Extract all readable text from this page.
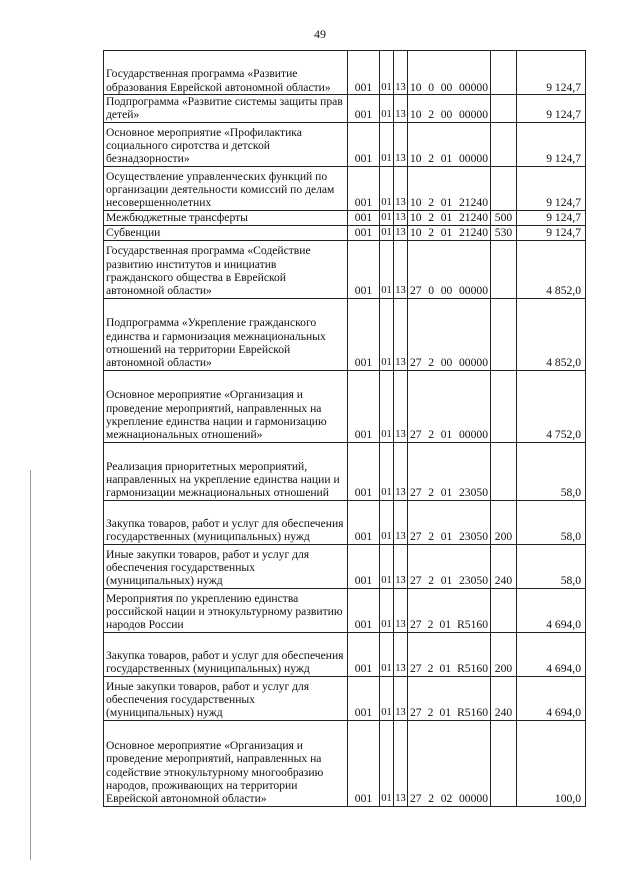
49
Государственная программа «Развитие образования Еврейской автономной области»	001	01	13	10 0 00 00000		9 124,7
Подпрограмма «Развитие системы защиты прав детей»	001	01	13	10 2 00 00000		9 124,7
Основное мероприятие «Профилактика социального сиротства и детской безнадзорности»	001	01	13	10 2 01 00000		9 124,7
Осуществление управленческих функций по организации деятельности комиссий по делам несовершеннолетних	001	01	13	10 2 01 21240		9 124,7
Межбюджетные трансферты	001	01	13	10 2 01 21240	500	9 124,7
Субвенции	001	01	13	10 2 01 21240	530	9 124,7
Государственная программа «Содействие развитию институтов и инициатив гражданского общества в Еврейской автономной области»	001	01	13	27 0 00 00000		4 852,0
Подпрограмма «Укрепление гражданского единства и гармонизация межнациональных отношений на территории Еврейской автономной области»	001	01	13	27 2 00 00000		4 852,0
Основное мероприятие «Организация и проведение мероприятий, направленных на укрепление единства нации и гармонизацию межнациональных отношений»	001	01	13	27 2 01 00000		4 752,0
Реализация приоритетных мероприятий, направленных на укрепление единства нации и гармонизации межнациональных отношений	001	01	13	27 2 01 23050		58,0
Закупка товаров, работ и услуг для обеспечения государственных (муниципальных) нужд	001	01	13	27 2 01 23050	200	58,0
Иные закупки товаров, работ и услуг для обеспечения государственных (муниципальных) нужд	001	01	13	27 2 01 23050	240	58,0
Мероприятия по укреплению единства российской нации и этнокультурному развитию народов России	001	01	13	27 2 01 R5160		4 694,0
Закупка товаров, работ и услуг для обеспечения государственных (муниципальных) нужд	001	01	13	27 2 01 R5160	200	4 694,0
Иные закупки товаров, работ и услуг для обеспечения государственных (муниципальных) нужд	001	01	13	27 2 01 R5160	240	4 694,0
Основное мероприятие «Организация и проведение мероприятий, направленных на содействие этнокультурному многообразию народов, проживающих на территории Еврейской автономной области»	001	01	13	27 2 02 00000		100,0
